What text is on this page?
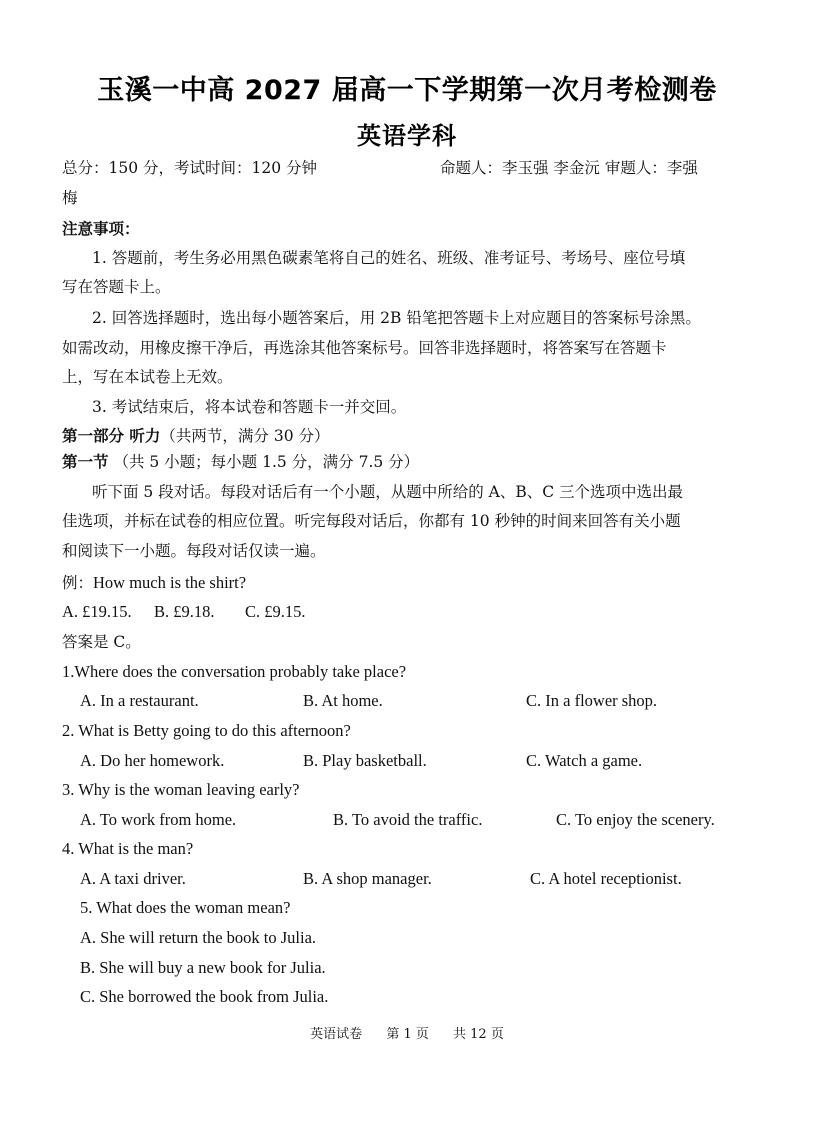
玉溪一中高 2027 届高一下学期第一次月考检测卷
英语学科
总分：150 分，考试时间：120 分钟	命题人：李玉强 李金沅 审题人：李强
梅
注意事项：
1. 答题前，考生务必用黑色碳素笔将自己的姓名、班级、准考证号、考场号、座位号填
写在答题卡上。
2. 回答选择题时，选出每小题答案后，用 2B 铅笔把答题卡上对应题目的答案标号涂黑。
如需改动，用橡皮擦干净后，再选涂其他答案标号。回答非选择题时，将答案写在答题卡
上，写在本试卷上无效。
3. 考试结束后，将本试卷和答题卡一并交回。
第一部分 听力（共两节，满分 30 分）
第一节 （共 5 小题；每小题 1.5 分，满分 7.5 分）
听下面 5 段对话。每段对话后有一个小题，从题中所给的 A、B、C 三个选项中选出最
佳选项，并标在试卷的相应位置。听完每段对话后，你都有 10 秒钟的时间来回答有关小题
和阅读下一小题。每段对话仅读一遍。
例：How much is the shirt?
A. £19.15. B. £9.18. C. £9.15.
答案是 C。
1.Where does the conversation probably take place?
A. In a restaurant.	B. At home.	C. In a flower shop.
2. What is Betty going to do this afternoon?
A. Do her homework.	B. Play basketball.	C. Watch a game.
3. Why is the woman leaving early?
A. To work from home.	B. To avoid the traffic.	C. To enjoy the scenery.
4. What is the man?
A. A taxi driver.	B. A shop manager.	C. A hotel receptionist.
5. What does the woman mean?
A. She will return the book to Julia.
B. She will buy a new book for Julia.
C. She borrowed the book from Julia.
英语试卷 第 1 页 共 12 页
